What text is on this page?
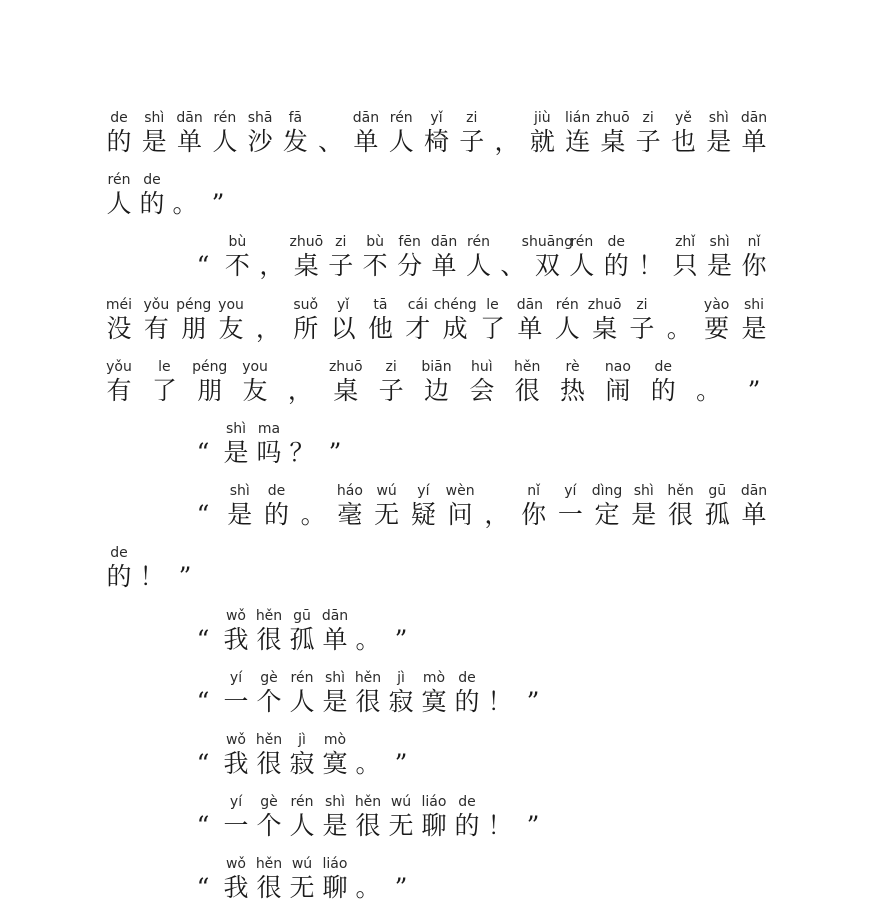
de
的
shì
是
dān
单
rén
人
shā
沙
fā
发 、
dān
单
rén
人
yǐ
椅
zi
子 ，
jiù
就
lián
连
zhuō
桌
zi
子
yě
也
shì
是
dān
单
rén
人
de
的 。 ”
“
bù
不 ，
zhuō
桌
zi
子
bù
不
fēn
分
dān
单
rén
人 、
shuāng
双
rén
人
de
的 ！
zhǐ
只
shì
是
nǐ
你
méi
没
yǒu
有
péng
朋
you
友 ，
suǒ
所
yǐ
以
tā
他
cái
才
chéng
成
le
了
dān
单
rén
人
zhuō
桌
zi
子 。
yào
要
shi
是
yǒu
有
le
了
péng
朋
you
友 ，
zhuō
桌
zi
子
biān
边
huì
会
hěn
很
rè
热
nao
闹
de
的 。	”
“
shì
是
ma
吗 ？ ”
“
shì
是
de
的 。
háo
毫
wú
无
yí
疑
wèn
问 ，
nǐ
你
yí
一
dìng
定
shì
是
hěn
很
gū
孤
dān
单
de
的 ！ ”
“
wǒ
我
hěn
很
gū
孤
dān
单 。 ”
“
yí
一
gè
个
rén
人
shì
是
hěn
很
jì
寂
mò
寞
de
的 ！ ”
“
wǒ
我
hěn
很
jì
寂
mò
寞 。 ”
“
yí
一
gè
个
rén
人
shì
是
hěn
很
wú
无
liáo
聊
de
的 ！ ”
“
wǒ
我
hěn
很
wú
无
liáo
聊 。 ”
